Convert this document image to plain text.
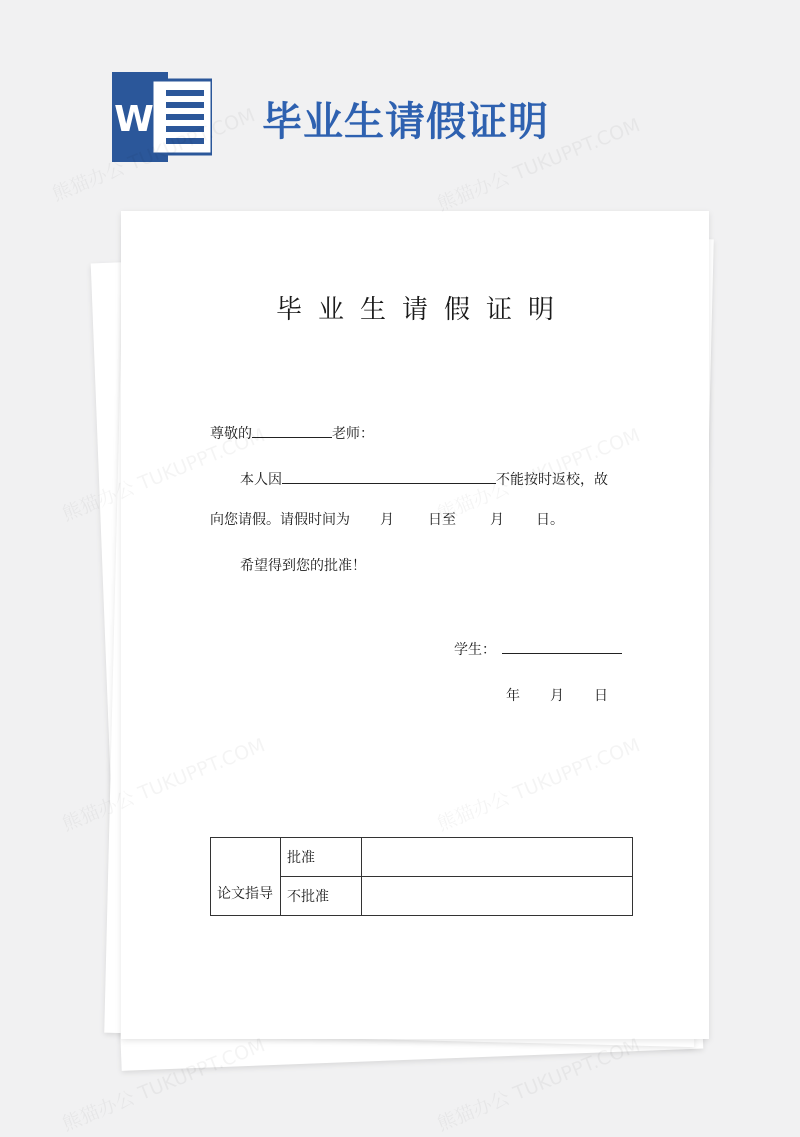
W	毕业生请假证明
毕业生请假证明
尊敬的	老师：
本人因	不能按时返校，故
向您请假。请假时间为 月 日至 月 日。
希望得到您的批准！
学生：
年 月 日
论文指导	批准	
	不批准	
